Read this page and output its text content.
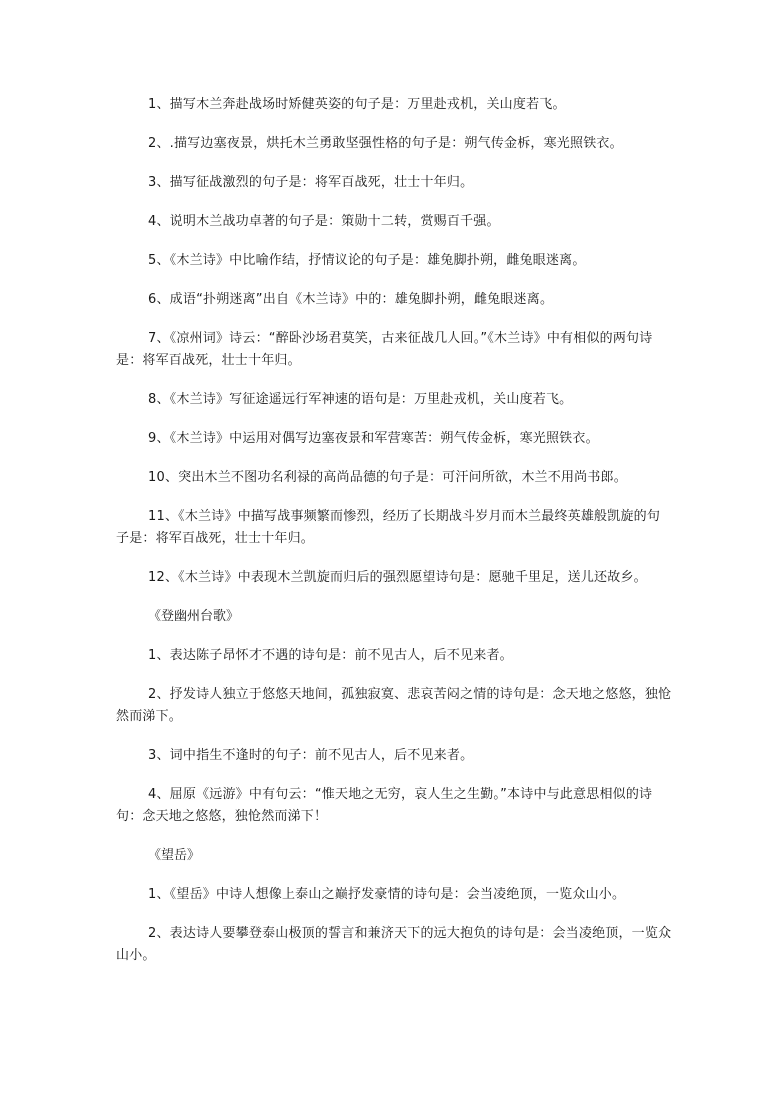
1、描写木兰奔赴战场时矫健英姿的句子是：万里赴戎机，关山度若飞。

2、.描写边塞夜景，烘托木兰勇敢坚强性格的句子是：朔气传金柝，寒光照铁衣。

3、描写征战激烈的句子是：将军百战死，壮士十年归。

4、说明木兰战功卓著的句子是：策勋十二转，赏赐百千强。

5、《木兰诗》中比喻作结，抒情议论的句子是：雄兔脚扑朔，雌兔眼迷离。

6、成语“扑朔迷离”出自《木兰诗》中的：雄兔脚扑朔，雌兔眼迷离。

7、《凉州词》诗云：“醉卧沙场君莫笑，古来征战几人回。”《木兰诗》中有相似的两句诗是：将军百战死，壮士十年归。

8、《木兰诗》写征途遥远行军神速的语句是：万里赴戎机，关山度若飞。

9、《木兰诗》中运用对偶写边塞夜景和军营寒苦：朔气传金柝，寒光照铁衣。

10、突出木兰不图功名利禄的高尚品德的句子是：可汗问所欲，木兰不用尚书郎。

11、《木兰诗》中描写战事频繁而惨烈，经历了长期战斗岁月而木兰最终英雄般凯旋的句子是：将军百战死，壮士十年归。

12、《木兰诗》中表现木兰凯旋而归后的强烈愿望诗句是：愿驰千里足，送儿还故乡。

《登幽州台歌》

1、表达陈子昂怀才不遇的诗句是：前不见古人，后不见来者。

2、抒发诗人独立于悠悠天地间，孤独寂寞、悲哀苦闷之情的诗句是：念天地之悠悠，独怆然而涕下。

3、词中指生不逢时的句子：前不见古人，后不见来者。

4、屈原《远游》中有句云：“惟天地之无穷，哀人生之生勤。”本诗中与此意思相似的诗句：念天地之悠悠，独怆然而涕下！

《望岳》

1、《望岳》中诗人想像上泰山之巅抒发豪情的诗句是：会当凌绝顶，一览众山小。

2、表达诗人要攀登泰山极顶的誓言和兼济天下的远大抱负的诗句是：会当凌绝顶，一览众山小。
